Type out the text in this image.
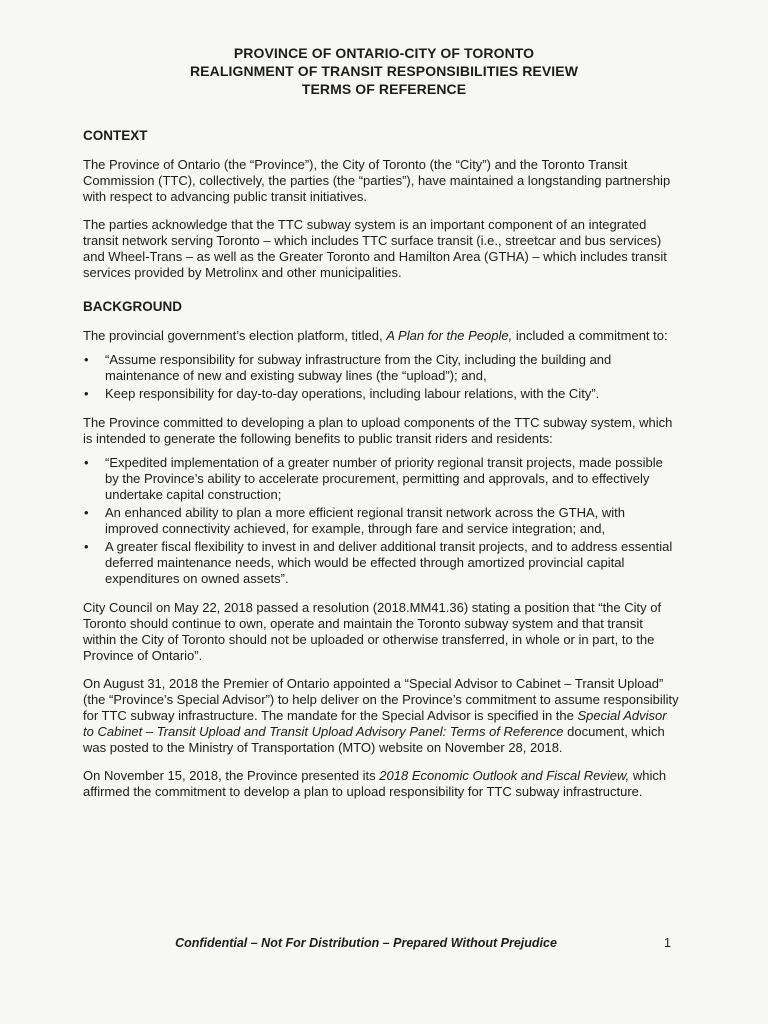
PROVINCE OF ONTARIO-CITY OF TORONTO
REALIGNMENT OF TRANSIT RESPONSIBILITIES REVIEW
TERMS OF REFERENCE
CONTEXT

The Province of Ontario (the “Province”), the City of Toronto (the “City”) and the Toronto Transit Commission (TTC), collectively, the parties (the “parties”), have maintained a longstanding partnership with respect to advancing public transit initiatives.

The parties acknowledge that the TTC subway system is an important component of an integrated transit network serving Toronto – which includes TTC surface transit (i.e., streetcar and bus services) and Wheel-Trans – as well as the Greater Toronto and Hamilton Area (GTHA) – which includes transit services provided by Metrolinx and other municipalities.

BACKGROUND

The provincial government’s election platform, titled, A Plan for the People, included a commitment to:

• “Assume responsibility for subway infrastructure from the City, including the building and maintenance of new and existing subway lines (the “upload”); and,
• Keep responsibility for day-to-day operations, including labour relations, with the City”.

The Province committed to developing a plan to upload components of the TTC subway system, which is intended to generate the following benefits to public transit riders and residents:

• “Expedited implementation of a greater number of priority regional transit projects, made possible by the Province’s ability to accelerate procurement, permitting and approvals, and to effectively undertake capital construction;
• An enhanced ability to plan a more efficient regional transit network across the GTHA, with improved connectivity achieved, for example, through fare and service integration; and,
• A greater fiscal flexibility to invest in and deliver additional transit projects, and to address essential deferred maintenance needs, which would be effected through amortized provincial capital expenditures on owned assets”.

City Council on May 22, 2018 passed a resolution (2018.MM41.36) stating a position that “the City of Toronto should continue to own, operate and maintain the Toronto subway system and that transit within the City of Toronto should not be uploaded or otherwise transferred, in whole or in part, to the Province of Ontario”.

On August 31, 2018 the Premier of Ontario appointed a “Special Advisor to Cabinet – Transit Upload” (the “Province’s Special Advisor”) to help deliver on the Province’s commitment to assume responsibility for TTC subway infrastructure. The mandate for the Special Advisor is specified in the Special Advisor to Cabinet – Transit Upload and Transit Upload Advisory Panel: Terms of Reference document, which was posted to the Ministry of Transportation (MTO) website on November 28, 2018.

On November 15, 2018, the Province presented its 2018 Economic Outlook and Fiscal Review, which affirmed the commitment to develop a plan to upload responsibility for TTC subway infrastructure.

Confidential – Not For Distribution – Prepared Without Prejudice	1
